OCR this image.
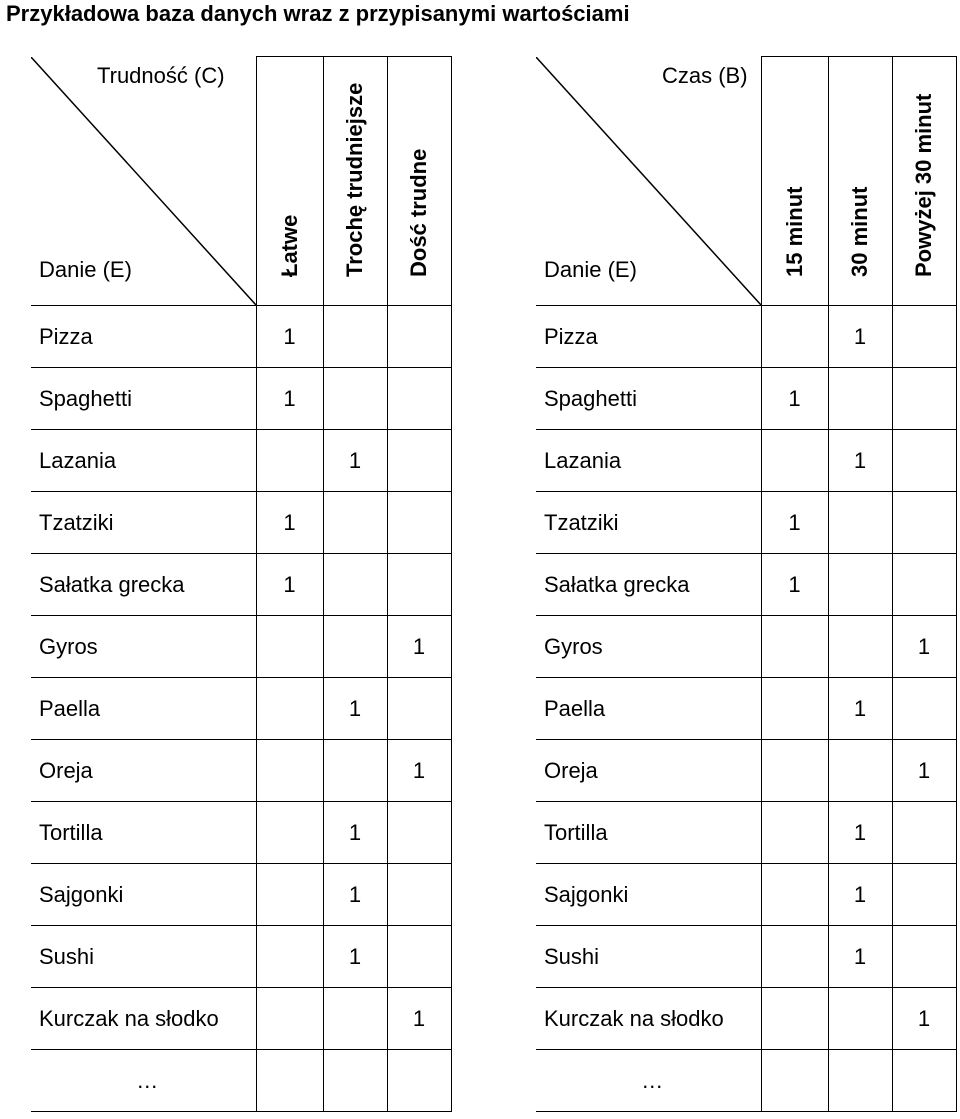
Przykładowa baza danych wraz z przypisanymi wartościami
Trudność (C)
Danie (E)	Łatwe	Trochę trudniejsze	Dość trudne

Pizza	1		
Spaghetti	1		
Lazania		1	
Tzatziki	1		
Sałatka grecka	1		
Gyros			1
Paella		1	
Oreja			1
Tortilla		1	
Sajgonki		1	
Sushi		1	
Kurczak na słodko			1
…			
Czas (B)
Danie (E)	15 minut	30 minut	Powyżej 30 minut

Pizza		1	
Spaghetti	1		
Lazania		1	
Tzatziki	1		
Sałatka grecka	1		
Gyros			1
Paella		1	
Oreja			1
Tortilla		1	
Sajgonki		1	
Sushi		1	
Kurczak na słodko			1
…			
